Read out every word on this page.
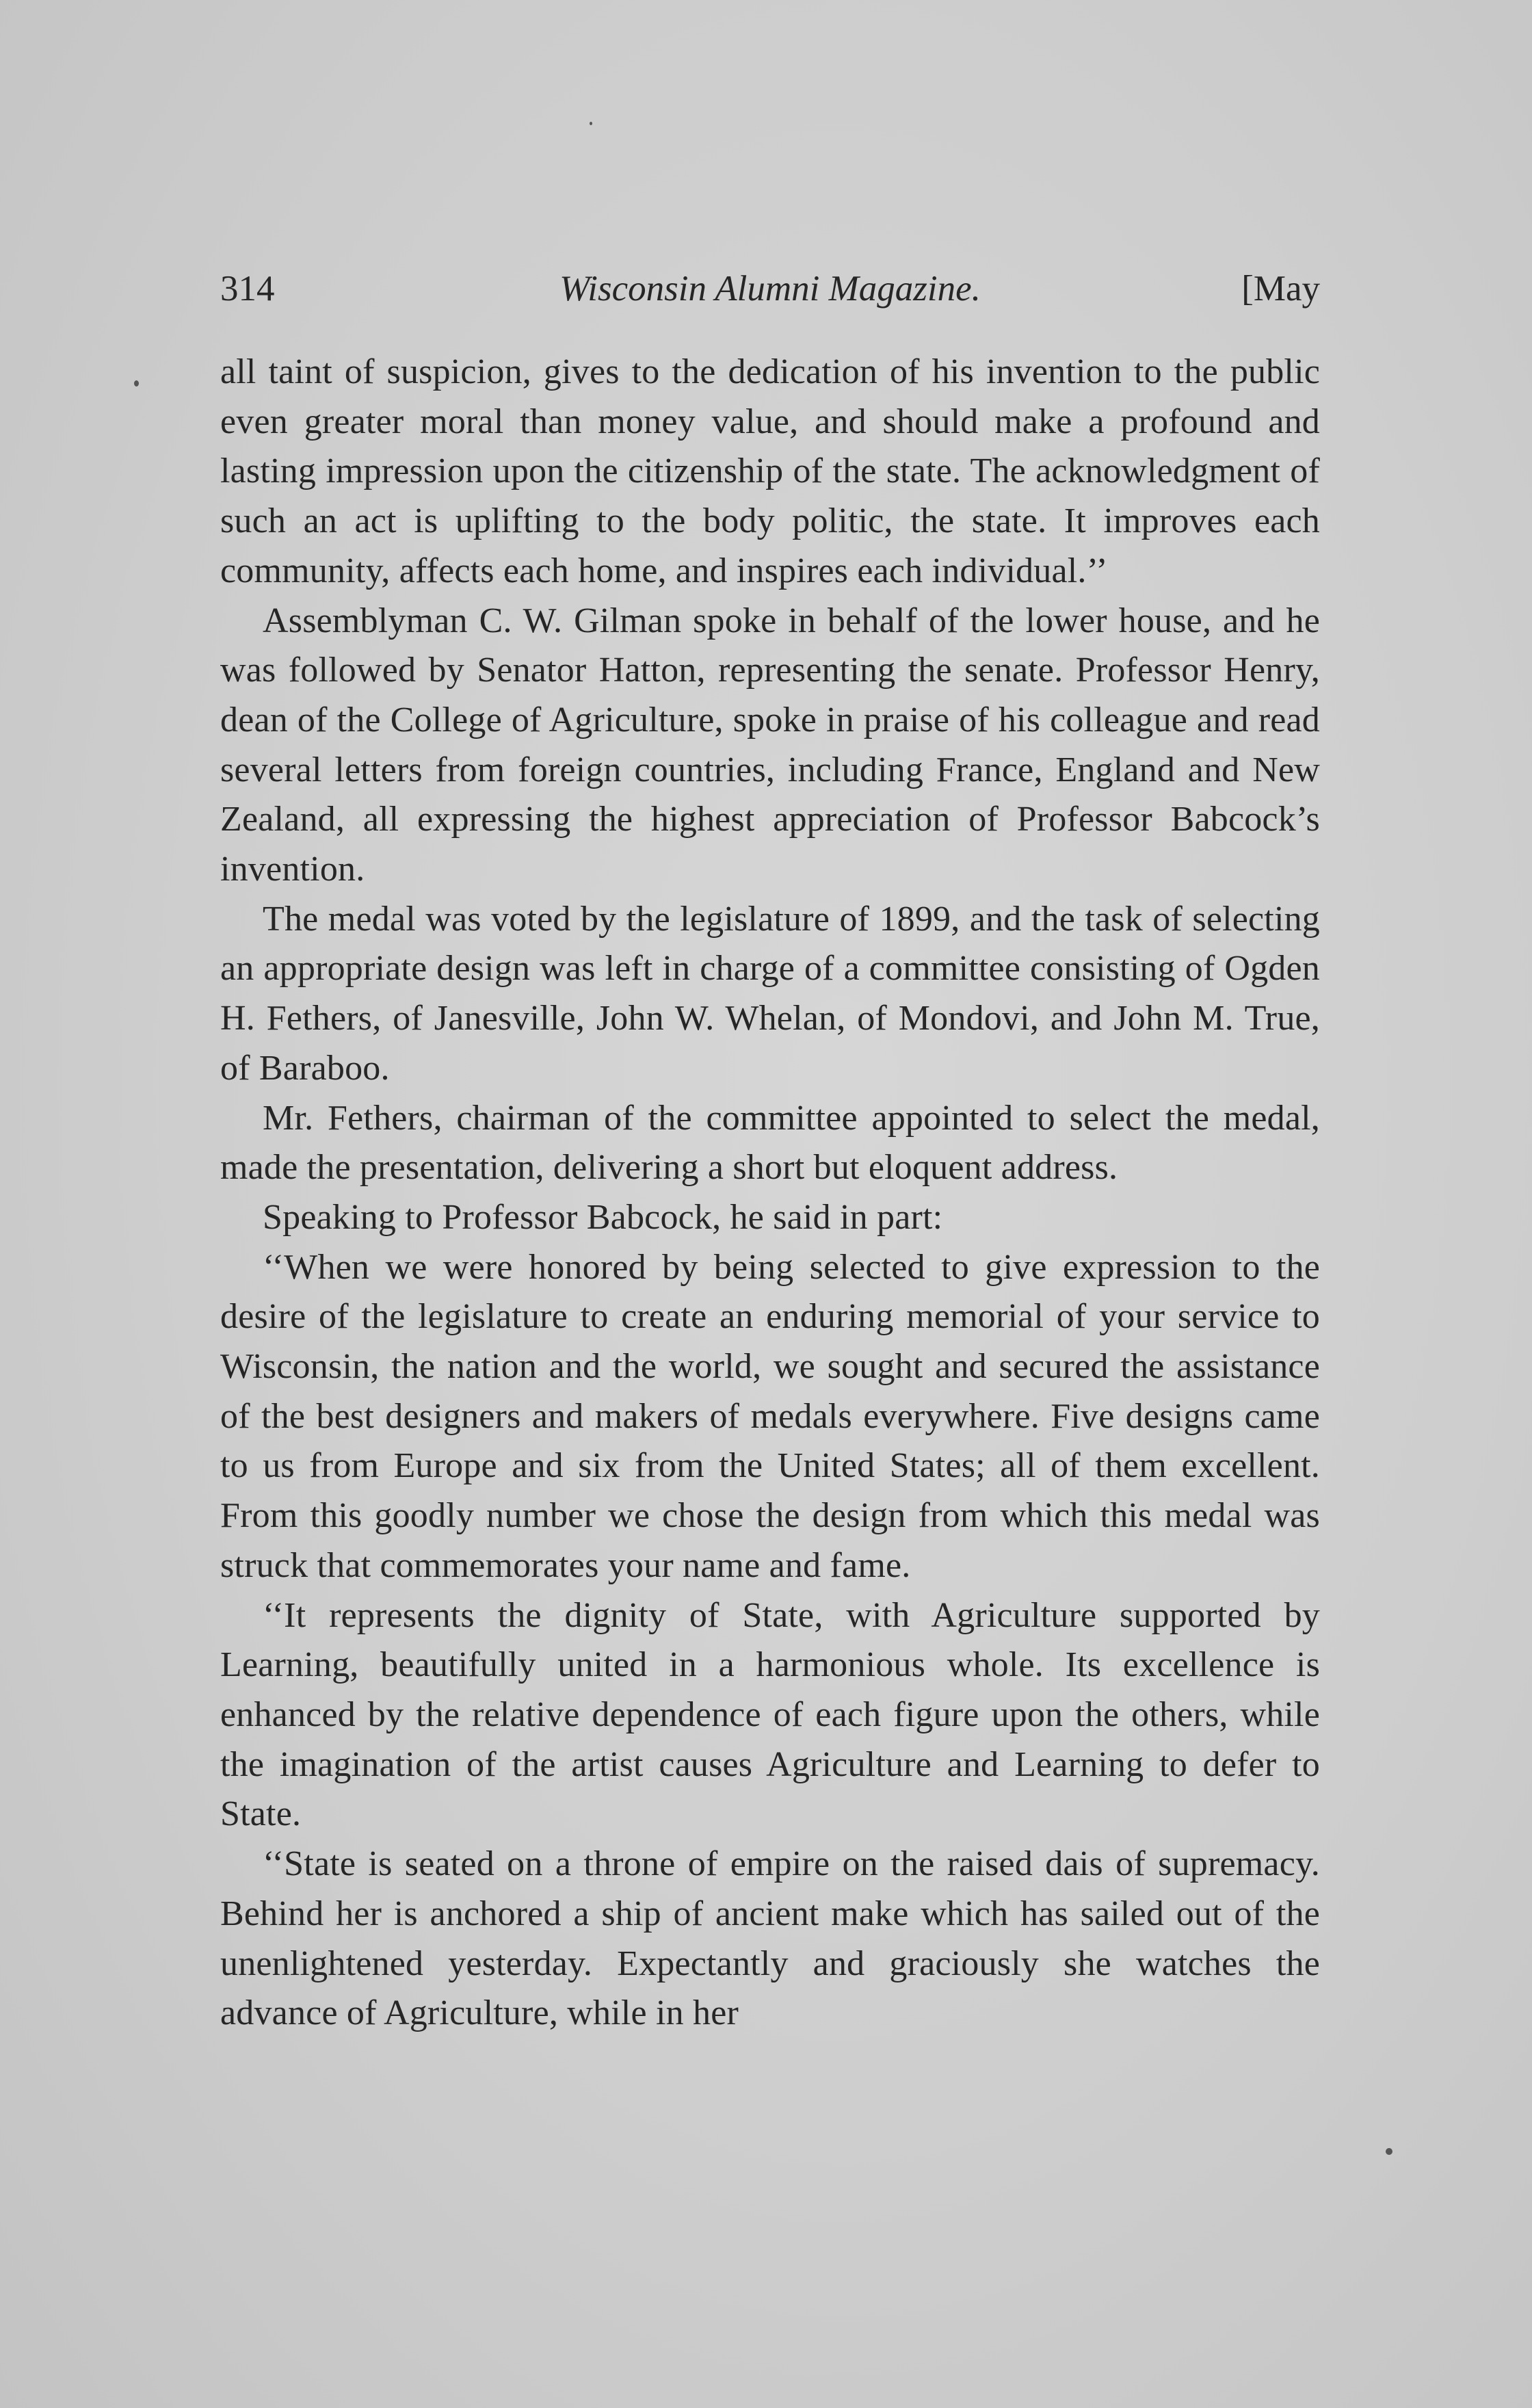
314	Wisconsin Alumni Magazine.	[May

all taint of suspicion, gives to the dedication of his invention to the public even greater moral than money value, and should make a profound and lasting impression upon the citizenship of the state. The acknowledgment of such an act is uplifting to the body politic, the state. It improves each community, affects each home, and inspires each individual.’’

Assemblyman C. W. Gilman spoke in behalf of the lower house, and he was followed by Senator Hatton, representing the senate. Professor Henry, dean of the College of Agriculture, spoke in praise of his colleague and read several letters from foreign countries, including France, England and New Zealand, all expressing the highest appreciation of Professor Babcock’s invention.

The medal was voted by the legislature of 1899, and the task of selecting an appropriate design was left in charge of a committee consisting of Ogden H. Fethers, of Janesville, John W. Whelan, of Mondovi, and John M. True, of Baraboo.

Mr. Fethers, chairman of the committee appointed to select the medal, made the presentation, delivering a short but eloquent address.

Speaking to Professor Babcock, he said in part:

‘‘When we were honored by being selected to give expression to the desire of the legislature to create an enduring memorial of your service to Wisconsin, the nation and the world, we sought and secured the assistance of the best designers and makers of medals everywhere. Five designs came to us from Europe and six from the United States; all of them excellent. From this goodly number we chose the design from which this medal was struck that commemorates your name and fame.

‘‘It represents the dignity of State, with Agriculture supported by Learning, beautifully united in a harmonious whole. Its excellence is enhanced by the relative dependence of each figure upon the others, while the imagination of the artist causes Agriculture and Learning to defer to State.

‘‘State is seated on a throne of empire on the raised dais of supremacy. Behind her is anchored a ship of ancient make which has sailed out of the unenlightened yesterday. Expectantly and graciously she watches the advance of Agriculture, while in her
